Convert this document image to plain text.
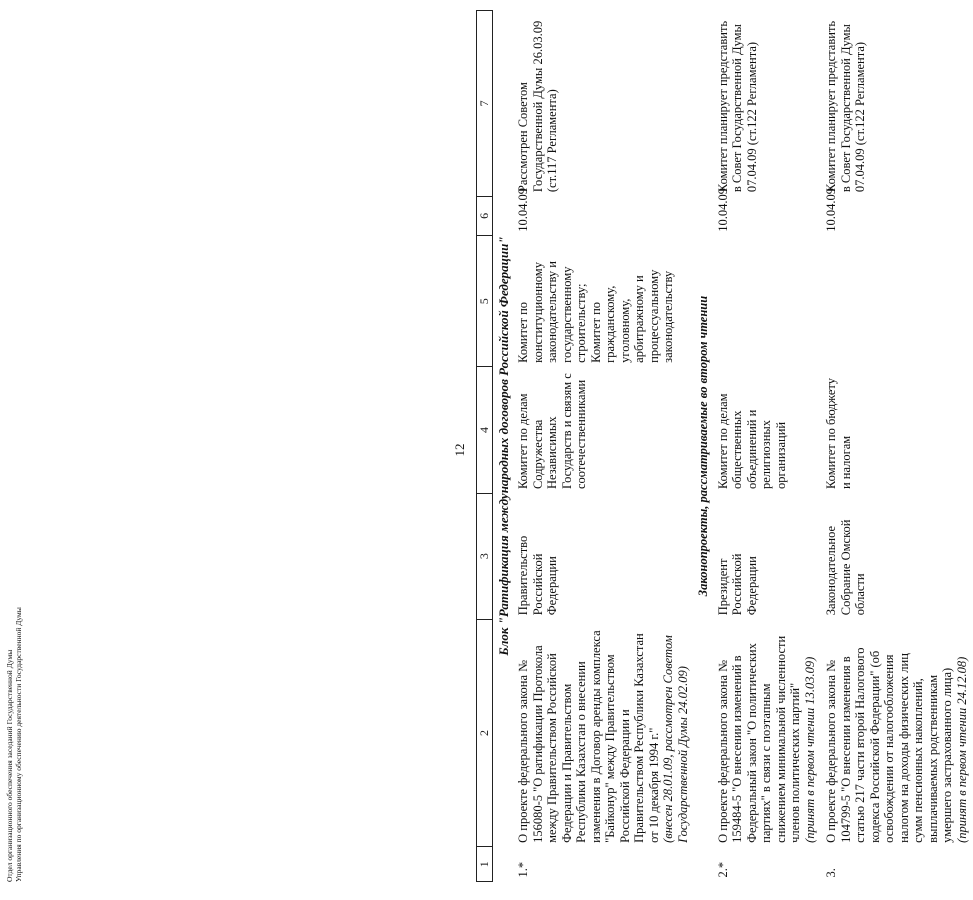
12
1	2	3	4	5	6	7
Блок "Ратификация международных договоров Российской Федерации"						
1.*	О проекте федерального закона № 156080-5 "О ратификации Протокола между Правительством Российской Федерации и Правительством Республики Казахстан о внесении изменения в Договор аренды комплекса "Байконур" между Правительством Российской Федерации и Правительством Республики Казахстан от 10 декабря 1994 г."
(внесен 28.01.09, рассмотрен Советом Государственной Думы 24.02.09)	Правительство Российской Федерации	Комитет по делам Содружества Независимых Государств и связям с соотечественниками	Комитет по конституционному законодательству и государственному строительству; Комитет по гражданскому, уголовному, арбитражному и процессуальному законодательству	10.04.09	Рассмотрен Советом Государственной Думы 26.03.09 (ст.117 Регламента)
Законопроекты, рассматриваемые во втором чтении						
2.*	О проекте федерального закона № 159484-5 "О внесении изменений в Федеральный закон "О политических партиях" в связи с поэтапным снижением минимальной численности членов политических партий"
(принят в первом чтении 13.03.09)	Президент Российской Федерации	Комитет по делам общественных объединений и религиозных организаций		10.04.09	Комитет планирует представить в Совет Государственной Думы 07.04.09 (ст.122 Регламента)
3.	О проекте федерального закона № 104799-5 "О внесении изменения в статью 217 части второй Налогового кодекса Российской Федерации" (об освобождении от налогообложения налогом на доходы физических лиц сумм пенсионных накоплений, выплачиваемых родственникам умершего застрахованного лица)
(принят в первом чтении 24.12.08)	Законодательное Собрание Омской области	Комитет по бюджету и налогам		10.04.09	Комитет планирует представить в Совет Государственной Думы 07.04.09 (ст.122 Регламента)
Отдел организационного обеспечения заседаний Государственной Думы Управления по организационному обеспечению деятельности Государственной Думы
